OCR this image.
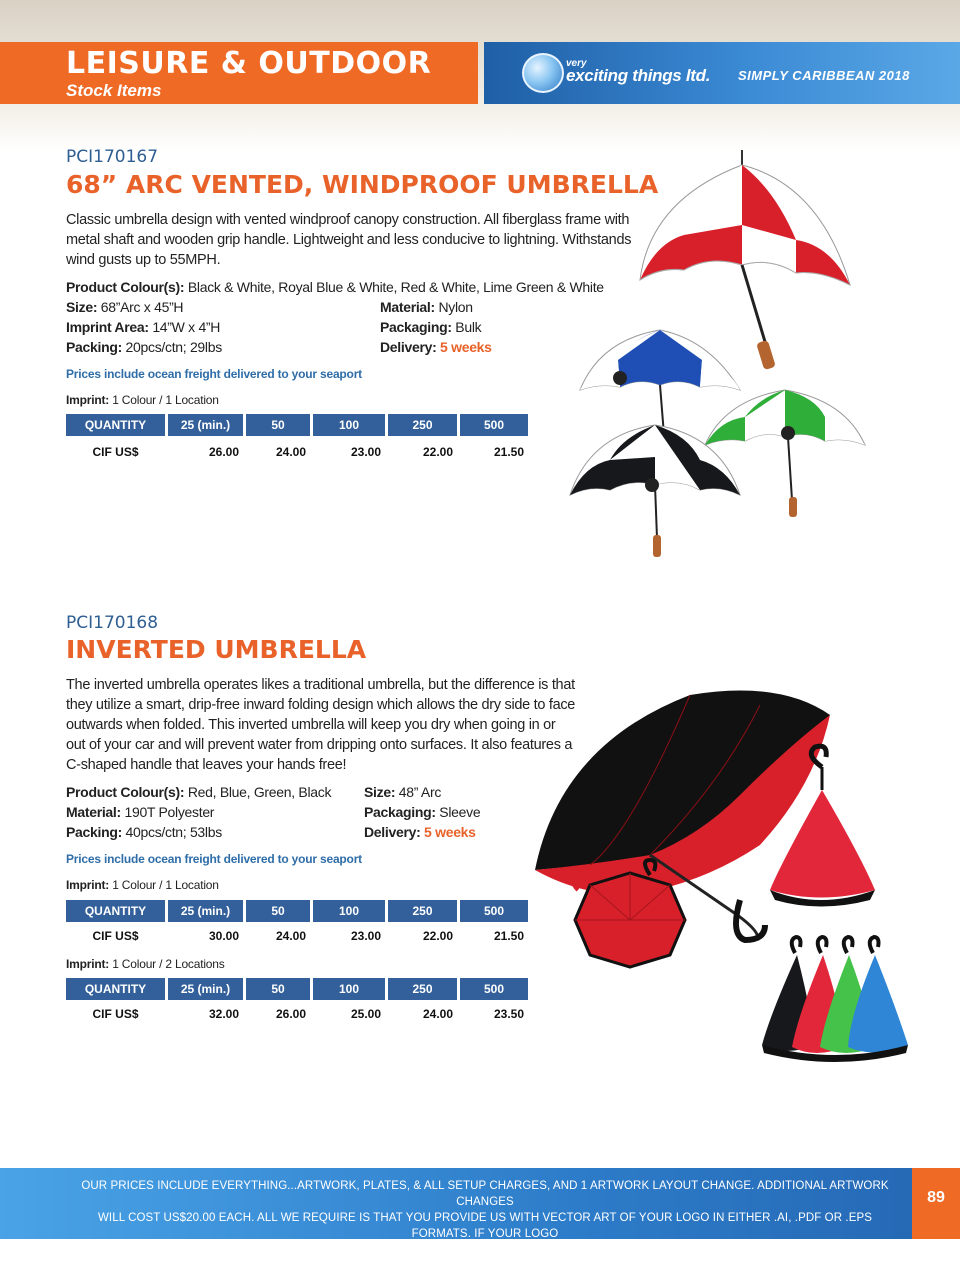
LEISURE & OUTDOOR
Stock Items
very
exciting things ltd. SIMPLY CARIBBEAN 2018
PCI170167
68” ARC VENTED, WINDPROOF UMBRELLA
Classic umbrella design with vented windproof canopy construction. All fiberglass frame with
metal shaft and wooden grip handle. Lightweight and less conducive to lightning. Withstands
wind gusts up to 55MPH.
Product Colour(s): Black & White, Royal Blue & White, Red & White, Lime Green & White
Size: 68”Arc x 45”H	Material: Nylon
Imprint Area: 14”W x 4”H	Packaging: Bulk
Packing: 20pcs/ctn; 29lbs	Delivery: 5 weeks
Prices include ocean freight delivered to your seaport
Imprint: 1 Colour / 1 Location
QUANTITY	25 (min.)	50	100	250	500
CIF US$	26.00	24.00	23.00	22.00	21.50
PCI170168
INVERTED UMBRELLA
The inverted umbrella operates likes a traditional umbrella, but the difference is that
they utilize a smart, drip-free inward folding design which allows the dry side to face
outwards when folded. This inverted umbrella will keep you dry when going in or
out of your car and will prevent water from dripping onto surfaces. It also features a
C-shaped handle that leaves your hands free!
Product Colour(s): Red, Blue, Green, Black Size: 48” Arc
Material: 190T Polyester	Packaging: Sleeve
Packing: 40pcs/ctn; 53lbs	Delivery: 5 weeks
Prices include ocean freight delivered to your seaport
Imprint: 1 Colour / 1 Location
QUANTITY	25 (min.)	50	100	250	500
CIF US$	30.00	24.00	23.00	22.00	21.50
Imprint: 1 Colour / 2 Locations
QUANTITY	25 (min.)	50	100	250	500
CIF US$	32.00	26.00	25.00	24.00	23.50
OUR PRICES INCLUDE EVERYTHING...ARTWORK, PLATES, & ALL SETUP CHARGES, AND 1 ARTWORK LAYOUT CHANGE. ADDITIONAL ARTWORK CHANGES
WILL COST US$20.00 EACH. ALL WE REQUIRE IS THAT YOU PROVIDE US WITH VECTOR ART OF YOUR LOGO IN EITHER .AI, .PDF OR .EPS FORMATS. IF YOUR LOGO
CANNOT BE SUPPLIED IN ANY OF OUR REQUIRED FORMATS WE CAN ARRANGE TO HAVE IT REDRAWN FOR YOU AT A MINIMUM COST OF US$100.00.
89
